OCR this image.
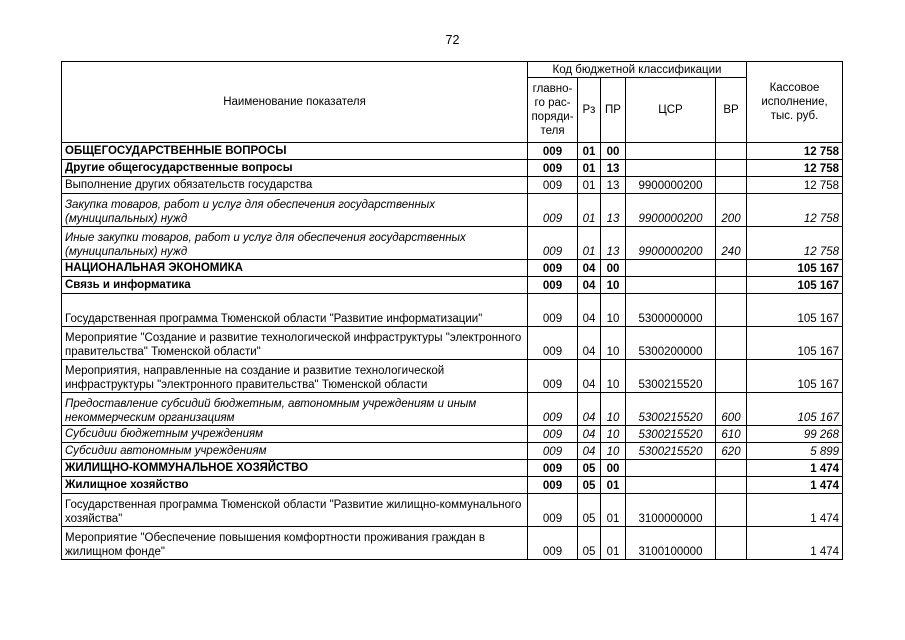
72
Наименование показателя	Код бюджетной классификации					Кассовое исполнение, тыс. руб.
	главно-го рас-поряди-теля	Рз	ПР	ЦСР	ВР	
ОБЩЕГОСУДАРСТВЕННЫЕ ВОПРОСЫ	009	01	00			12 758
Другие общегосударственные вопросы	009	01	13			12 758
Выполнение других обязательств государства	009	01	13	9900000200		12 758
Закупка товаров, работ и услуг для обеспечения государственных (муниципальных) нужд	009	01	13	9900000200	200	12 758
Иные закупки товаров, работ и услуг для обеспечения государственных (муниципальных) нужд	009	01	13	9900000200	240	12 758
НАЦИОНАЛЬНАЯ ЭКОНОМИКА	009	04	00			105 167
Связь и информатика	009	04	10			105 167
Государственная программа Тюменской области "Развитие информатизации"	009	04	10	5300000000		105 167
Мероприятие "Создание и развитие технологической инфраструктуры "электронного правительства" Тюменской области"	009	04	10	5300200000		105 167
Мероприятия, направленные на создание и развитие технологической инфраструктуры "электронного правительства" Тюменской области	009	04	10	5300215520		105 167
Предоставление субсидий бюджетным, автономным учреждениям и иным некоммерческим организациям	009	04	10	5300215520	600	105 167
Субсидии бюджетным учреждениям	009	04	10	5300215520	610	99 268
Субсидии автономным учреждениям	009	04	10	5300215520	620	5 899
ЖИЛИЩНО-КОММУНАЛЬНОЕ ХОЗЯЙСТВО	009	05	00			1 474
Жилищное хозяйство	009	05	01			1 474
Государственная программа Тюменской области "Развитие жилищно-коммунального хозяйства"	009	05	01	3100000000		1 474
Мероприятие "Обеспечение повышения комфортности проживания граждан в жилищном фонде"	009	05	01	3100100000		1 474
